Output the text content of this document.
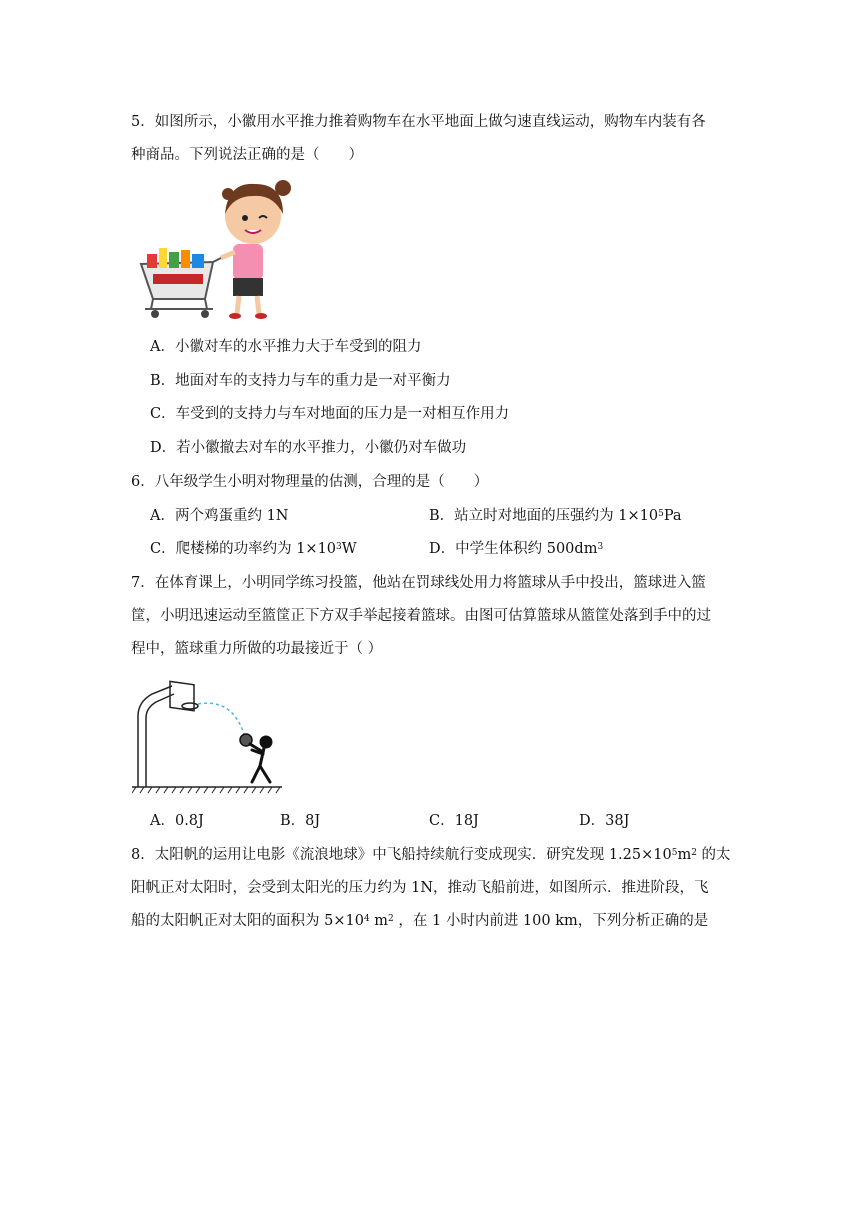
5．如图所示，小徽用水平推力推着购物车在水平地面上做匀速直线运动，购物车内装有各
种商品。下列说法正确的是（　　）
A．小徽对车的水平推力大于车受到的阻力
B．地面对车的支持力与车的重力是一对平衡力
C．车受到的支持力与车对地面的压力是一对相互作用力
D．若小徽撤去对车的水平推力，小徽仍对车做功
6．八年级学生小明对物理量的估测，合理的是（　　）
A．两个鸡蛋重约 1N	B．站立时对地面的压强约为 $1\times 10^5Pa$
C．爬楼梯的功率约为 $1\times 10^3W$	D．中学生体积约 $500dm^3$
7．在体育课上，小明同学练习投篮，他站在罚球线处用力将篮球从手中投出，篮球进入篮
筐，小明迅速运动至篮筐正下方双手举起接着篮球。由图可估算篮球从篮筐处落到手中的过
程中，篮球重力所做的功最接近于（ ）
A．0.8J	B．8J	C．18J	D．38J
8．太阳帆的运用让电影《流浪地球》中飞船持续航行变成现实．研究发现 $1.25\times 10^5m^2$ 的太
阳帆正对太阳时，会受到太阳光的压力约为 1N，推动飞船前进，如图所示．推进阶段，飞
船的太阳帆正对太阳的面积为 $5\times 10^4$ $m^2$ ，在 1 小时内前进 100 km，下列分析正确的是
